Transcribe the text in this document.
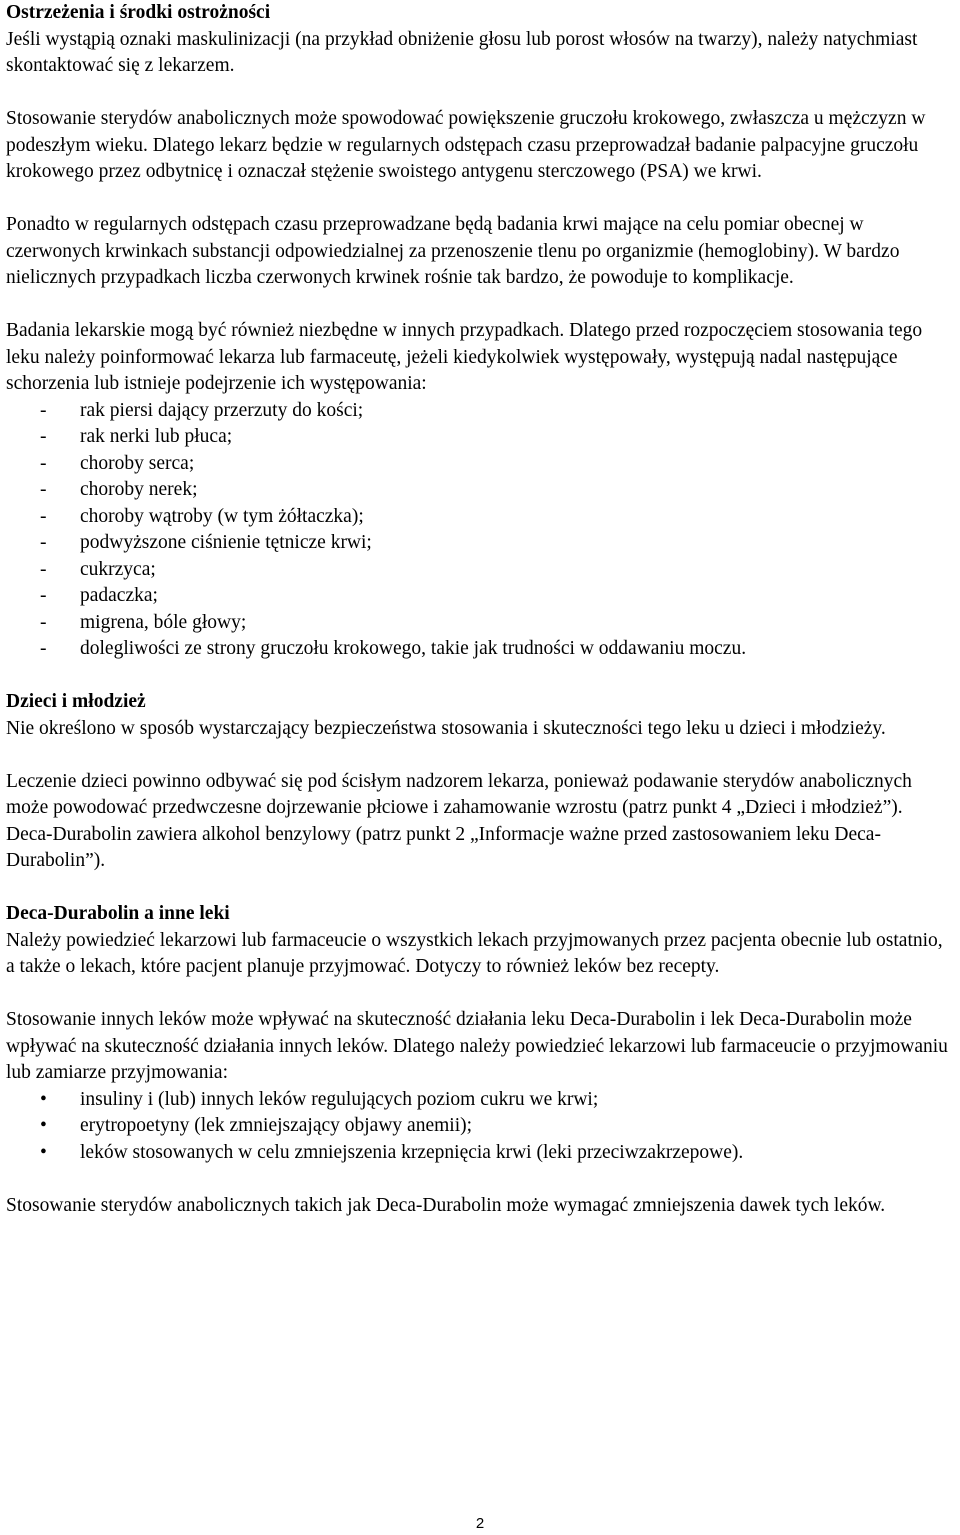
Ostrzeżenia i środki ostrożności

Jeśli wystąpią oznaki maskulinizacji (na przykład obniżenie głosu lub porost włosów na twarzy), należy natychmiast skontaktować się z lekarzem.

Stosowanie sterydów anabolicznych może spowodować powiększenie gruczołu krokowego, zwłaszcza u mężczyzn w podeszłym wieku. Dlatego lekarz będzie w regularnych odstępach czasu przeprowadzał badanie palpacyjne gruczołu krokowego przez odbytnicę i oznaczał stężenie swoistego antygenu sterczowego (PSA) we krwi.

Ponadto w regularnych odstępach czasu przeprowadzane będą badania krwi mające na celu pomiar obecnej w czerwonych krwinkach substancji odpowiedzialnej za przenoszenie tlenu po organizmie (hemoglobiny). W bardzo nielicznych przypadkach liczba czerwonych krwinek rośnie tak bardzo, że powoduje to komplikacje.

Badania lekarskie mogą być również niezbędne w innych przypadkach. Dlatego przed rozpoczęciem stosowania tego leku należy poinformować lekarza lub farmaceutę, jeżeli kiedykolwiek występowały, występują nadal następujące schorzenia lub istnieje podejrzenie ich występowania:

- rak piersi dający przerzuty do kości;
- rak nerki lub płuca;
- choroby serca;
- choroby nerek;
- choroby wątroby (w tym żółtaczka);
- podwyższone ciśnienie tętnicze krwi;
- cukrzyca;
- padaczka;
- migrena, bóle głowy;
- dolegliwości ze strony gruczołu krokowego, takie jak trudności w oddawaniu moczu.
Dzieci i młodzież

Nie określono w sposób wystarczający bezpieczeństwa stosowania i skuteczności tego leku u dzieci i młodzieży.

Leczenie dzieci powinno odbywać się pod ścisłym nadzorem lekarza, ponieważ podawanie sterydów anabolicznych może powodować przedwczesne dojrzewanie płciowe i zahamowanie wzrostu (patrz punkt 4 „Dzieci i młodzież”). Deca-Durabolin zawiera alkohol benzylowy (patrz punkt 2 „Informacje ważne przed zastosowaniem leku Deca-Durabolin”).

Deca-Durabolin a inne leki

Należy powiedzieć lekarzowi lub farmaceucie o wszystkich lekach przyjmowanych przez pacjenta obecnie lub ostatnio, a także o lekach, które pacjent planuje przyjmować. Dotyczy to również leków bez recepty.

Stosowanie innych leków może wpływać na skuteczność działania leku Deca-Durabolin i lek Deca-Durabolin może wpływać na skuteczność działania innych leków. Dlatego należy powiedzieć lekarzowi lub farmaceucie o przyjmowaniu lub zamiarze przyjmowania:

• insuliny i (lub) innych leków regulujących poziom cukru we krwi;
• erytropoetyny (lek zmniejszający objawy anemii);
• leków stosowanych w celu zmniejszenia krzepnięcia krwi (leki przeciwzakrzepowe).

Stosowanie sterydów anabolicznych takich jak Deca-Durabolin może wymagać zmniejszenia dawek tych leków.

2
